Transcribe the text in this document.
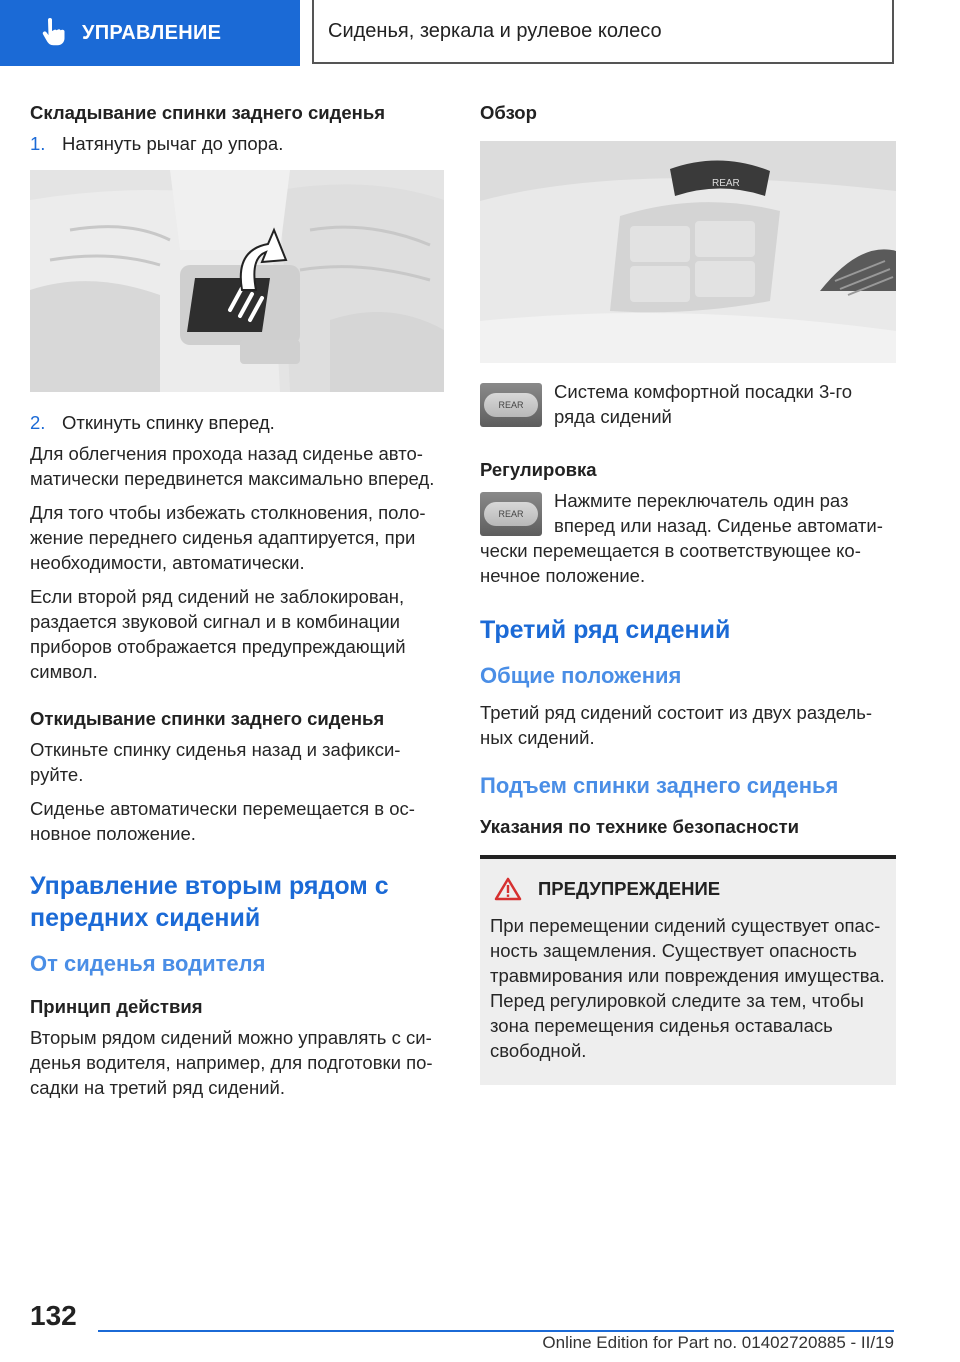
УПРАВЛЕНИЕ	Сиденья, зеркала и рулевое колесо
Складывание спинки заднего сиденья
1. Натянуть рычаг до упора.
2. Откинуть спинку вперед.

Для облегчения прохода назад сиденье автоматически передвинется максимально вперед.

Для того чтобы избежать столкновения, положение переднего сиденья адаптируется, при необходимости, автоматически.

Если второй ряд сидений не заблокирован, раздается звуковой сигнал и в комбинации приборов отображается предупреждающий символ.

Откидывание спинки заднего сиденья

Откиньте спинку сиденья назад и зафиксируйте.

Сиденье автоматически перемещается в основное положение.

Управление вторым рядом с передних сидений
От сиденья водителя
Принцип действия

Вторым рядом сидений можно управлять с сиденья водителя, например, для подготовки посадки на третий ряд сидений.

Обзор
REAR
REAR
Система комфортной посадки 3-го ряда сидений
Регулировка
REAR

Нажмите переключатель один раз вперед или назад. Сиденье автоматически перемещается в соответствующее конечное положение.

Третий ряд сидений
Общие положения

Третий ряд сидений состоит из двух раздельных сидений.

Подъем спинки заднего сиденья
Указания по технике безопасности
ПРЕДУПРЕЖДЕНИЕ

При перемещении сидений существует опасность защемления. Существует опасность травмирования или повреждения имущества. Перед регулировкой следите за тем, чтобы зона перемещения сиденья оставалась свободной.

132
Online Edition for Part no. 01402720885 - II/19
